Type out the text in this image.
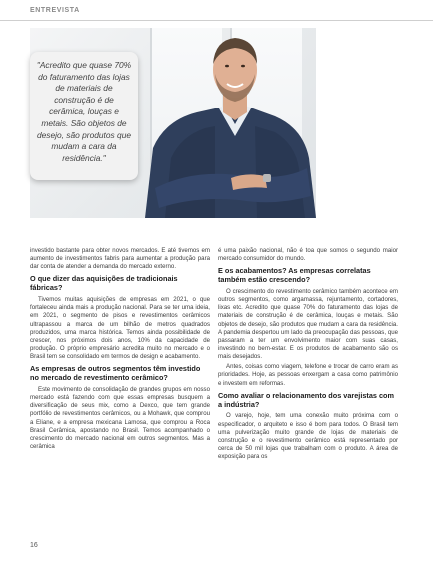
ENTREVISTA
"Acredito que quase 70% do faturamento das lojas de materiais de construção é de cerâmica, louças e metais. São objetos de desejo, são produtos que mudam a cara da residência."

investido bastante para obter novos mercados. E até tivemos em aumento de investimentos fabris para aumentar a produção para dar conta de atender a demanda do mercado externo.

O que dizer das aquisições de tradicionais fábricas?

Tivemos muitas aquisições de empresas em 2021, o que fortaleceu ainda mais a produção nacional. Para se ter uma ideia, em 2021, o segmento de pisos e revestimentos cerâmicos ultrapassou a marca de um bilhão de metros quadrados produzidos, uma marca histórica. Temos ainda possibilidade de crescer, nos próximos dois anos, 10% da capacidade de produção. O próprio empresário acredita muito no mercado e o Brasil tem se consolidado em termos de design e acabamento.

As empresas de outros segmentos têm investido no mercado de revestimento cerâmico?

Este movimento de consolidação de grandes grupos em nosso mercado está fazendo com que essas empresas busquem a diversificação de seus mix, como a Dexco, que tem grande portfólio de revestimentos cerâmicos, ou a Mohawk, que comprou a Eliane, e a empresa mexicana Lamosa, que comprou a Roca Brasil Cerâmica, apostando no Brasil. Temos acompanhado o crescimento do mercado nacional em outros segmentos. Mas a cerâmica

é uma paixão nacional, não é toa que somos o segundo maior mercado consumidor do mundo.

E os acabamentos? As empresas correlatas também estão crescendo?

O crescimento do revestimento cerâmico também acontece em outros segmentos, como argamassa, rejuntamento, cortadores, lixas etc. Acredito que quase 70% do faturamento das lojas de materiais de construção é de cerâmica, louças e metais. São objetos de desejo, são produtos que mudam a cara da residência. A pandemia despertou um lado da preocupação das pessoas, que passaram a ter um envolvimento maior com suas casas, investindo no bem-estar. E os produtos de acabamento são os mais desejados.

Antes, coisas como viagem, telefone e trocar de carro eram as prioridades. Hoje, as pessoas enxergam a casa como patrimônio e investem em reformas.

Como avaliar o relacionamento dos varejistas com a indústria?

O varejo, hoje, tem uma conexão muito próxima com o especificador, o arquiteto e isso é bom para todos. O Brasil tem uma pulverização muito grande de lojas de materiais de construção e o revestimento cerâmico está representado por cerca de 50 mil lojas que trabalham com o produto. A área de exposição para os

16
